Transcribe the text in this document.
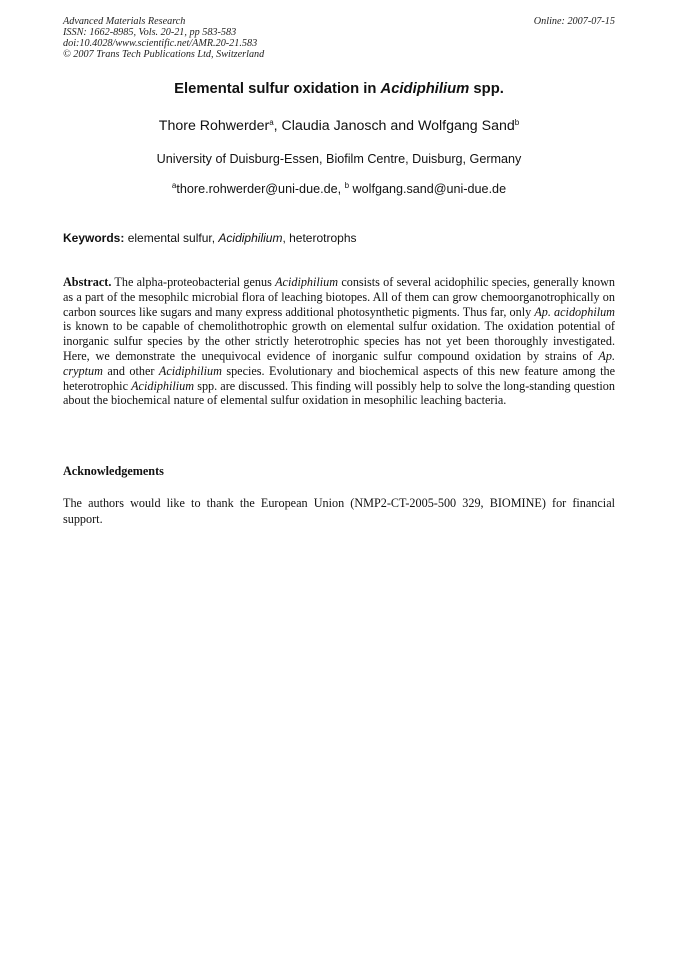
Advanced Materials Research
ISSN: 1662-8985, Vols. 20-21, pp 583-583
doi:10.4028/www.scientific.net/AMR.20-21.583
© 2007 Trans Tech Publications Ltd, Switzerland
Online: 2007-07-15
Elemental sulfur oxidation in Acidiphilium spp.
Thore Rohwerder$^a$, Claudia Janosch and Wolfgang Sand$^b$
University of Duisburg-Essen, Biofilm Centre, Duisburg, Germany
$^a$thore.rohwerder@uni-due.de, $^b$ wolfgang.sand@uni-due.de
Keywords: elemental sulfur, Acidiphilium, heterotrophs

Abstract. The alpha-proteobacterial genus Acidiphilium consists of several acidophilic species, generally known as a part of the mesophilc microbial flora of leaching biotopes. All of them can grow chemoorganotrophically on carbon sources like sugars and many express additional photosynthetic pigments. Thus far, only Ap. acidophilum is known to be capable of chemolithotrophic growth on elemental sulfur oxidation. The oxidation potential of inorganic sulfur species by the other strictly heterotrophic species has not yet been thoroughly investigated. Here, we demonstrate the unequivocal evidence of inorganic sulfur compound oxidation by strains of Ap. cryptum and other Acidiphilium species. Evolutionary and biochemical aspects of this new feature among the heterotrophic Acidiphilium spp. are discussed. This finding will possibly help to solve the long-standing question about the biochemical nature of elemental sulfur oxidation in mesophilic leaching bacteria.

Acknowledgements

The authors would like to thank the European Union (NMP2-CT-2005-500 329, BIOMINE) for financial support.
